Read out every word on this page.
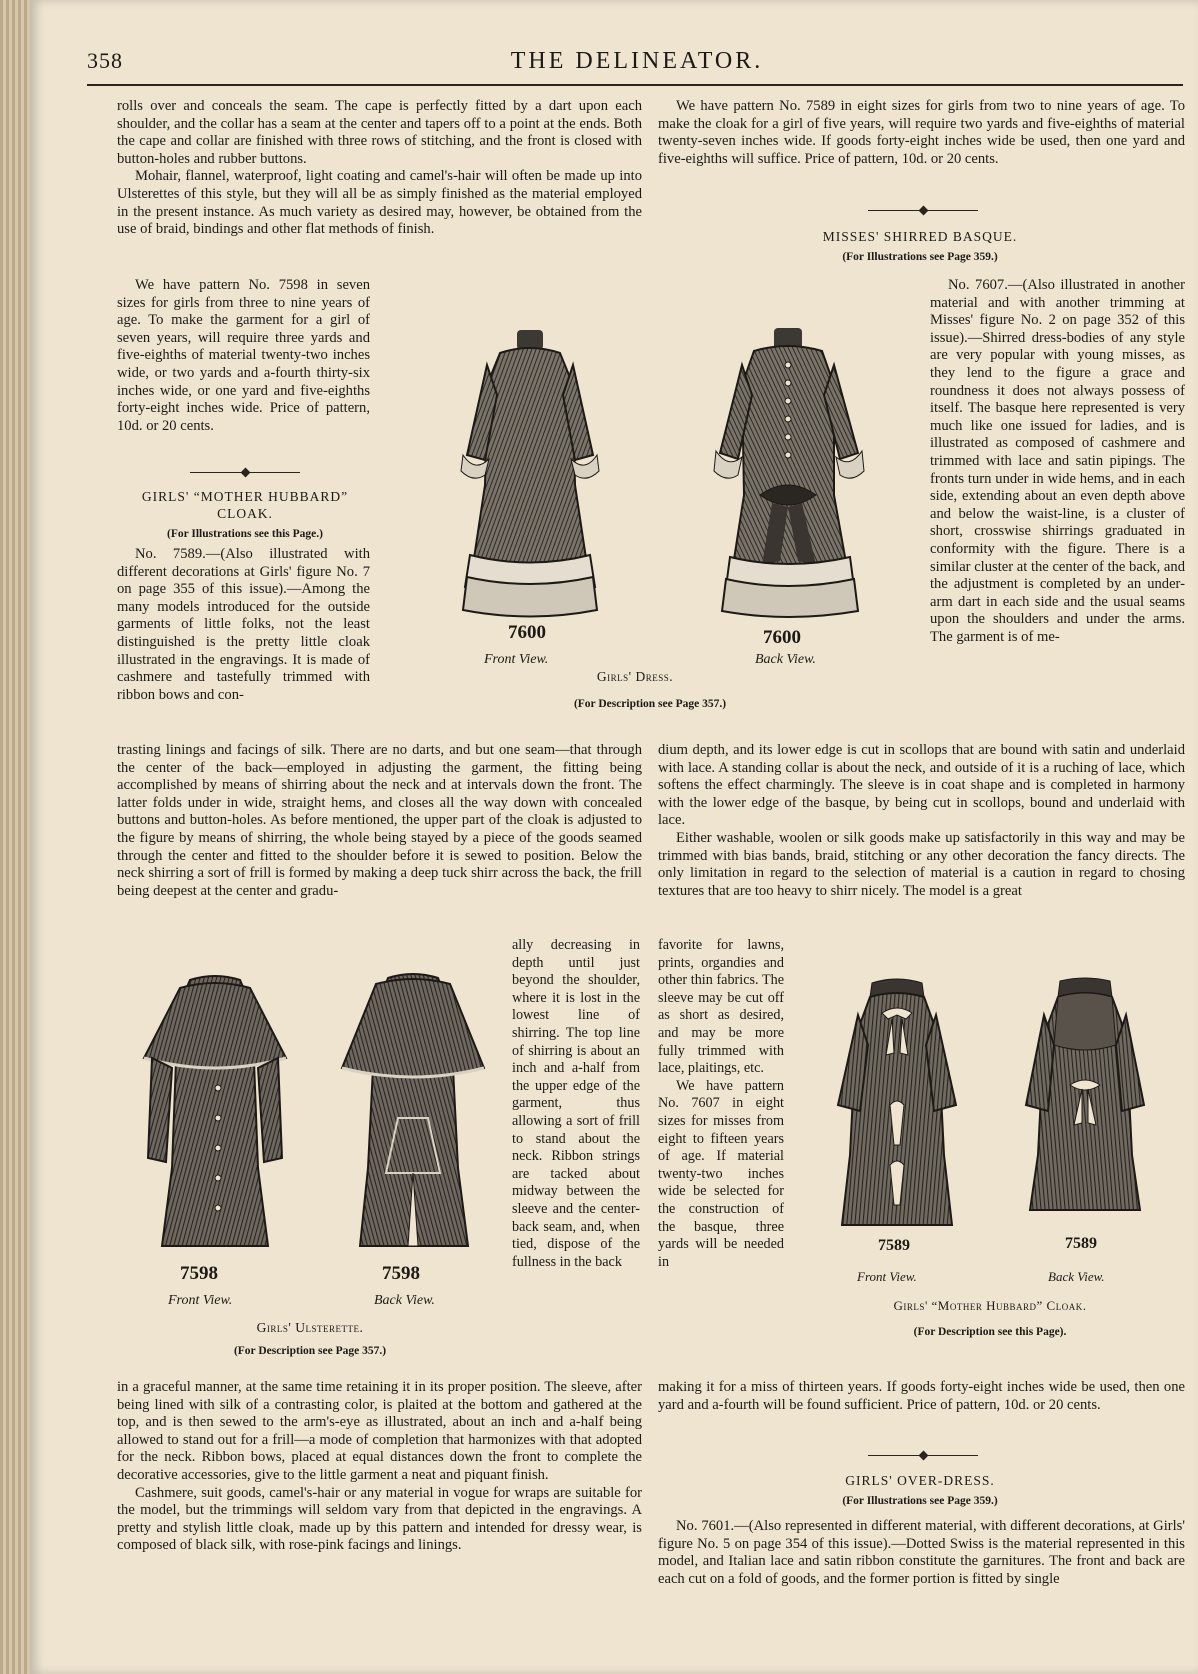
358	THE DELINEATOR.

rolls over and conceals the seam. The cape is perfectly fitted by a dart upon each shoulder, and the collar has a seam at the center and tapers off to a point at the ends. Both the cape and collar are finished with three rows of stitching, and the front is closed with button-holes and rubber buttons.

Mohair, flannel, waterproof, light coating and camel's-hair will often be made up into Ulsterettes of this style, but they will all be as simply finished as the material employed in the present instance. As much variety as desired may, however, be obtained from the use of braid, bindings and other flat methods of finish.

We have pattern No. 7598 in seven sizes for girls from three to nine years of age. To make the garment for a girl of seven years, will require three yards and five-eighths of material twenty-two inches wide, or two yards and a-fourth thirty-six inches wide, or one yard and five-eighths forty-eight inches wide. Price of pattern, 10d. or 20 cents.

GIRLS' “MOTHER HUBBARD”
CLOAK.
(For Illustrations see this Page.)

No. 7589.—(Also illustrated with different decorations at Girls' figure No. 7 on page 355 of this issue).—Among the many models introduced for the outside garments of little folks, not the least distinguished is the pretty little cloak illustrated in the engravings. It is made of cashmere and tastefully trimmed with ribbon bows and con-

trasting linings and facings of silk. There are no darts, and but one seam—that through the center of the back—employed in adjusting the garment, the fitting being accomplished by means of shirring about the neck and at intervals down the front. The latter folds under in wide, straight hems, and closes all the way down with concealed buttons and button-holes. As before mentioned, the upper part of the cloak is adjusted to the figure by means of shirring, the whole being stayed by a piece of the goods seamed through the center and fitted to the shoulder before it is sewed to position. Below the neck shirring a sort of frill is formed by making a deep tuck shirr across the back, the frill being deepest at the center and gradu-

ally decreasing in depth until just beyond the shoulder, where it is lost in the lowest line of shirring. The top line of shirring is about an inch and a-half from the upper edge of the garment, thus allowing a sort of frill to stand about the neck. Ribbon strings are tacked about midway between the sleeve and the center-back seam, and, when tied, dispose of the fullness in the back

in a graceful manner, at the same time retaining it in its proper position. The sleeve, after being lined with silk of a contrasting color, is plaited at the bottom and gathered at the top, and is then sewed to the arm's-eye as illustrated, about an inch and a-half being allowed to stand out for a frill—a mode of completion that harmonizes with that adopted for the neck. Ribbon bows, placed at equal distances down the front to complete the decorative accessories, give to the little garment a neat and piquant finish.

Cashmere, suit goods, camel's-hair or any material in vogue for wraps are suitable for the model, but the trimmings will seldom vary from that depicted in the engravings. A pretty and stylish little cloak, made up by this pattern and intended for dressy wear, is composed of black silk, with rose-pink facings and linings.

We have pattern No. 7589 in eight sizes for girls from two to nine years of age. To make the cloak for a girl of five years, will require two yards and five-eighths of material twenty-seven inches wide. If goods forty-eight inches wide be used, then one yard and five-eighths will suffice. Price of pattern, 10d. or 20 cents.

MISSES' SHIRRED BASQUE.
(For Illustrations see Page 359.)

No. 7607.—(Also illustrated in another material and with another trimming at Misses' figure No. 2 on page 352 of this issue).—Shirred dress-bodies of any style are very popular with young misses, as they lend to the figure a grace and roundness it does not always possess of itself. The basque here represented is very much like one issued for ladies, and is illustrated as composed of cashmere and trimmed with lace and satin pipings. The fronts turn under in wide hems, and in each side, extending about an even depth above and below the waist-line, is a cluster of short, crosswise shirrings graduated in conformity with the figure. There is a similar cluster at the center of the back, and the adjustment is completed by an under-arm dart in each side and the usual seams upon the shoulders and under the arms. The garment is of me-

dium depth, and its lower edge is cut in scollops that are bound with satin and underlaid with lace. A standing collar is about the neck, and outside of it is a ruching of lace, which softens the effect charmingly. The sleeve is in coat shape and is completed in harmony with the lower edge of the basque, by being cut in scollops, bound and underlaid with lace.

Either washable, woolen or silk goods make up satisfactorily in this way and may be trimmed with bias bands, braid, stitching or any other decoration the fancy directs. The only limitation in regard to the selection of material is a caution in regard to chosing textures that are too heavy to shirr nicely. The model is a great

favorite for lawns, prints, organdies and other thin fabrics. The sleeve may be cut off as short as desired, and may be more fully trimmed with lace, plaitings, etc.

We have pattern No. 7607 in eight sizes for misses from eight to fifteen years of age. If material twenty-two inches wide be selected for the construction of the basque, three yards will be needed in

making it for a miss of thirteen years. If goods forty-eight inches wide be used, then one yard and a-fourth will be found sufficient. Price of pattern, 10d. or 20 cents.

GIRLS' OVER-DRESS.
(For Illustrations see Page 359.)

No. 7601.—(Also represented in different material, with different decorations, at Girls' figure No. 5 on page 354 of this issue).—Dotted Swiss is the material represented in this model, and Italian lace and satin ribbon constitute the garnitures. The front and back are each cut on a fold of goods, and the former portion is fitted by single

7600
Front View.
7600
Back View.
Girls' Dress.
(For Description see Page 357.)
7598
Front View.
7598
Back View.
Girls' Ulsterette.
(For Description see Page 357.)
7589
Front View.
7589
Back View.
Girls' “Mother Hubbard” Cloak.
(For Description see this Page).
